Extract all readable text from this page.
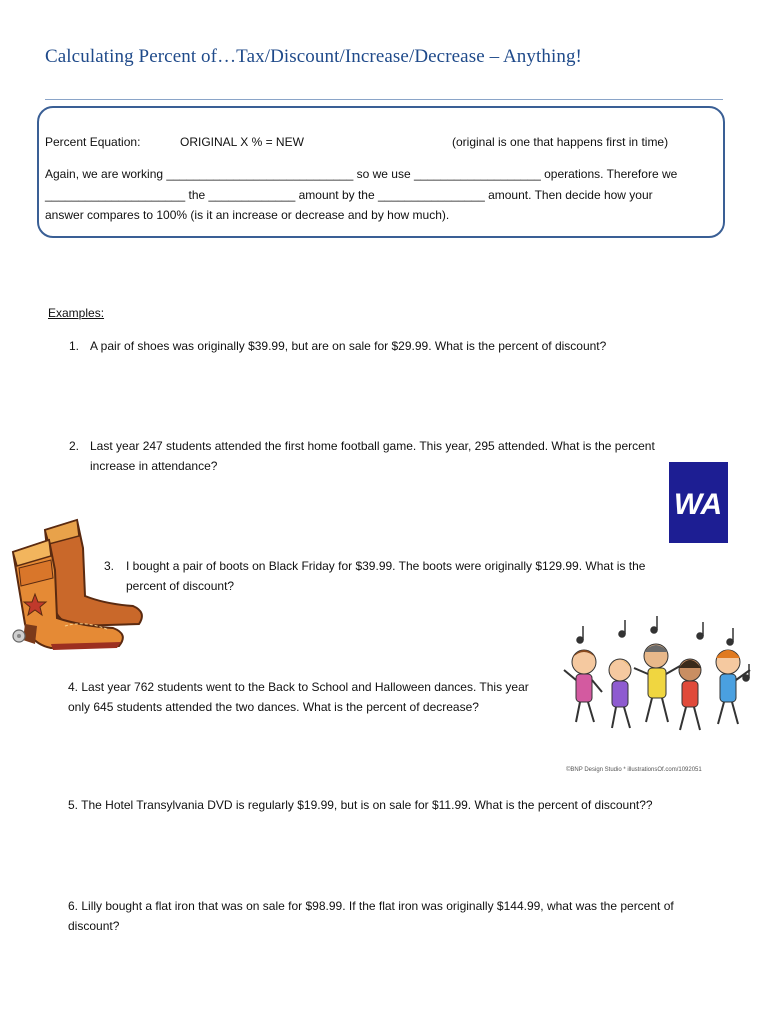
Calculating Percent of…Tax/Discount/Increase/Decrease – Anything!
Percent Equation:	ORIGINAL X % = NEW	(original is one that happens first in time)
Again, we are working ____________________________ so we use ___________________ operations. Therefore we
_____________________ the _____________ amount by the ________________ amount. Then decide how your
answer compares to 100% (is it an increase or decrease and by how much).
Examples:
1. A pair of shoes was originally $39.99, but are on sale for $29.99. What is the percent of discount?
2. Last year 247 students attended the first home football game. This year, 295 attended. What is the percent
increase in attendance?
3. I bought a pair of boots on Black Friday for $39.99. The boots were originally $129.99. What is the
percent of discount?
4. Last year 762 students went to the Back to School and Halloween dances. This year
only 645 students attended the two dances. What is the percent of decrease?
5. The Hotel Transylvania DVD is regularly $19.99, but is on sale for $11.99. What is the percent of discount??
6. Lilly bought a flat iron that was on sale for $98.99. If the flat iron was originally $144.99, what was the percent of
discount?
WA
©BNP Design Studio * illustrationsOf.com/1092051
